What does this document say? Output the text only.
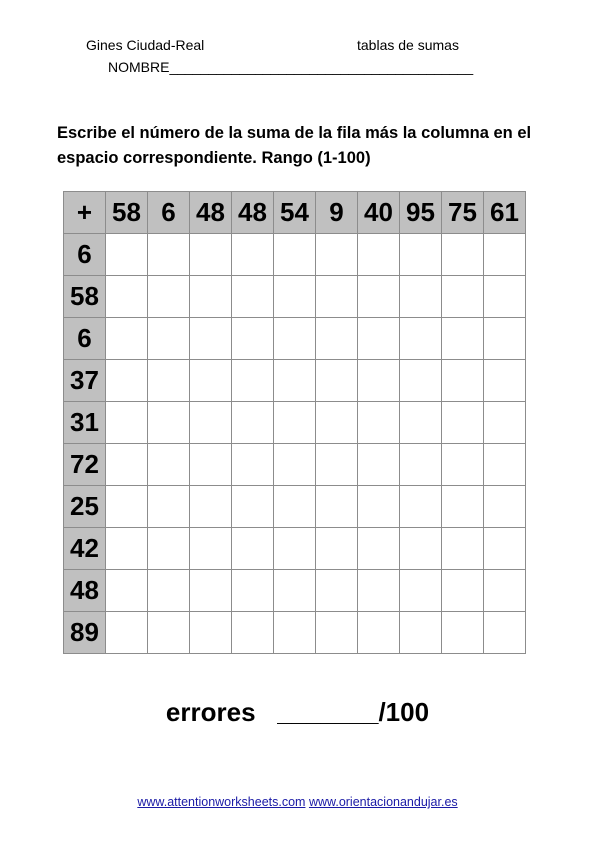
Gines Ciudad-Real	tablas de sumas
NOMBRE_______________________________________
Escribe el número de la suma de la fila más la columna en el espacio correspondiente. Rango (1-100)
+	58	6	48	48	54	9	40	95	75	61
6										
58										
6										
37										
31										
72										
25										
42										
48										
89										
errores _______/100
www.attentionworksheets.com www.orientacionandujar.es
